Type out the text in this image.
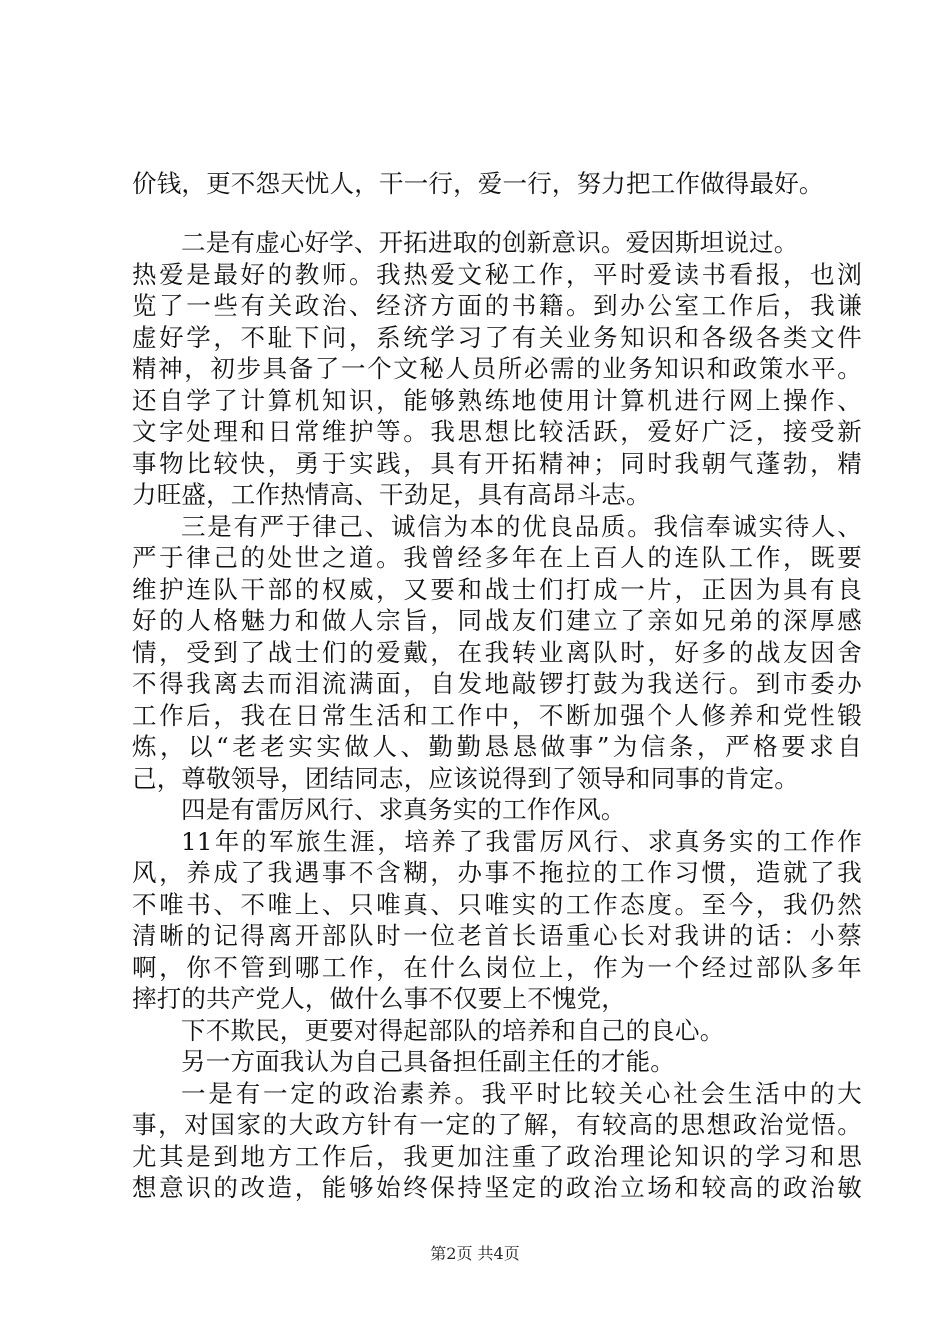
价钱，更不怨天忧人，干一行，爱一行，努力把工作做得最好。
二是有虚心好学、开拓进取的创新意识。爱因斯坦说过。
热爱是最好的教师。我热爱文秘工作，平时爱读书看报，也浏
览了一些有关政治、经济方面的书籍。到办公室工作后，我谦
虚好学，不耻下问，系统学习了有关业务知识和各级各类文件
精神，初步具备了一个文秘人员所必需的业务知识和政策水平。
还自学了计算机知识，能够熟练地使用计算机进行网上操作、
文字处理和日常维护等。我思想比较活跃，爱好广泛，接受新
事物比较快，勇于实践，具有开拓精神；同时我朝气蓬勃，精
力旺盛，工作热情高、干劲足，具有高昂斗志。
三是有严于律己、诚信为本的优良品质。我信奉诚实待人、
严于律己的处世之道。我曾经多年在上百人的连队工作，既要
维护连队干部的权威，又要和战士们打成一片，正因为具有良
好的人格魅力和做人宗旨，同战友们建立了亲如兄弟的深厚感
情，受到了战士们的爱戴，在我转业离队时，好多的战友因舍
不得我离去而泪流满面，自发地敲锣打鼓为我送行。到市委办
工作后，我在日常生活和工作中，不断加强个人修养和党性锻
炼，以“老老实实做人、勤勤恳恳做事”为信条，严格要求自
己，尊敬领导，团结同志，应该说得到了领导和同事的肯定。
四是有雷厉风行、求真务实的工作作风。
11年的军旅生涯，培养了我雷厉风行、求真务实的工作作
风，养成了我遇事不含糊，办事不拖拉的工作习惯，造就了我
不唯书、不唯上、只唯真、只唯实的工作态度。至今，我仍然
清晰的记得离开部队时一位老首长语重心长对我讲的话：小蔡
啊，你不管到哪工作，在什么岗位上，作为一个经过部队多年
摔打的共产党人，做什么事不仅要上不愧党，
下不欺民，更要对得起部队的培养和自己的良心。
另一方面我认为自己具备担任副主任的才能。
一是有一定的政治素养。我平时比较关心社会生活中的大
事，对国家的大政方针有一定的了解，有较高的思想政治觉悟。
尤其是到地方工作后，我更加注重了政治理论知识的学习和思
想意识的改造，能够始终保持坚定的政治立场和较高的政治敏
第2页 共4页
